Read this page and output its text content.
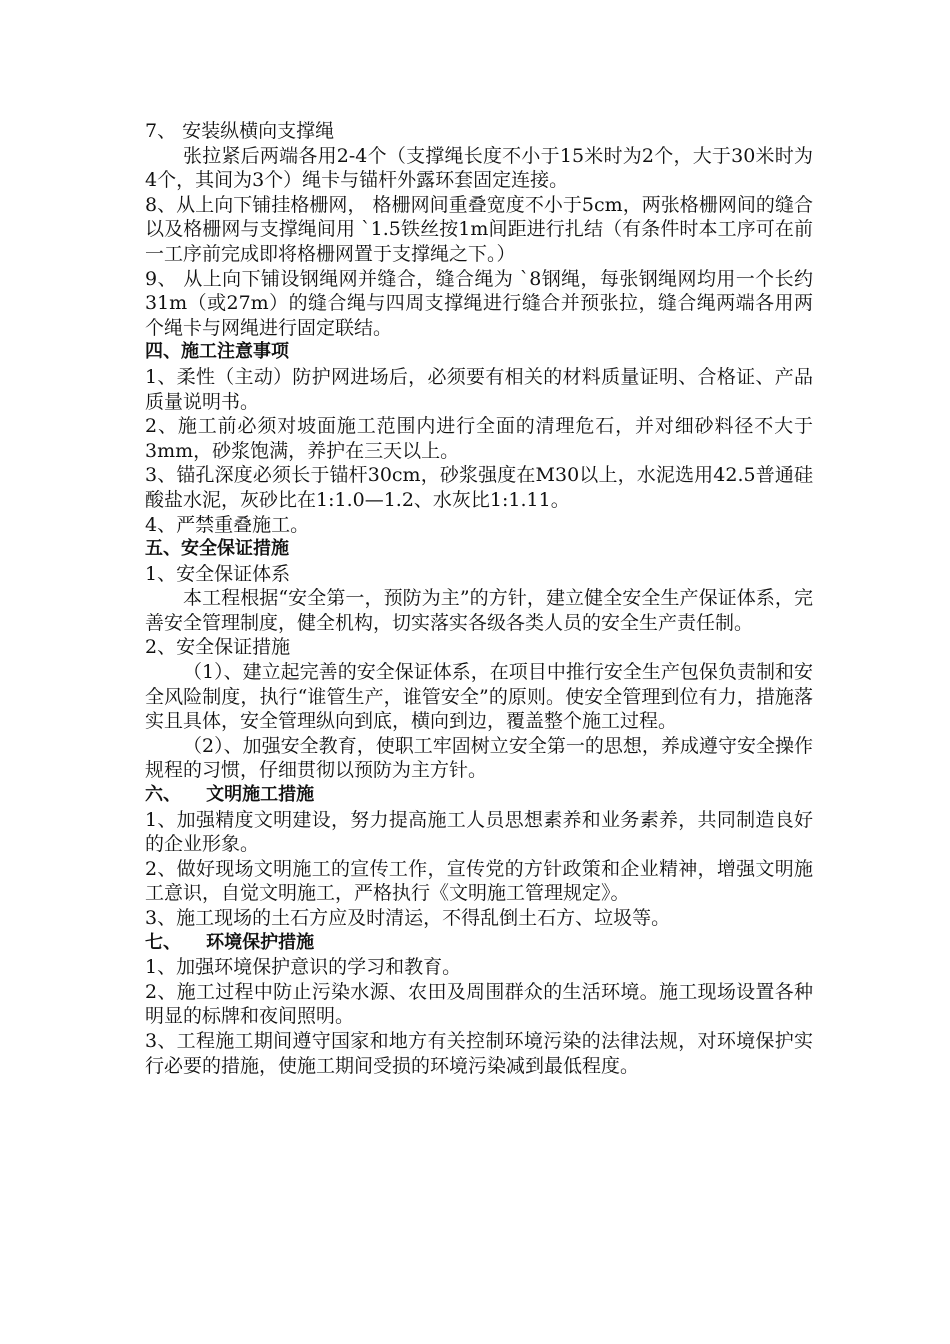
7、 安装纵横向支撑绳

张拉紧后两端各用2-4个（支撑绳长度不小于15米时为2个，大于30米时为4个，其间为3个）绳卡与锚杆外露环套固定连接。

8、从上向下铺挂格栅网， 格栅网间重叠宽度不小于5cm，两张格栅网间的缝合以及格栅网与支撑绳间用 `1.5铁丝按1m间距进行扎结（有条件时本工序可在前一工序前完成即将格栅网置于支撑绳之下。）

9、 从上向下铺设钢绳网并缝合，缝合绳为 `8钢绳，每张钢绳网均用一个长约31m（或27m）的缝合绳与四周支撑绳进行缝合并预张拉，缝合绳两端各用两个绳卡与网绳进行固定联结。

四、施工注意事项

1、柔性（主动）防护网进场后，必须要有相关的材料质量证明、合格证、产品质量说明书。

2、施工前必须对坡面施工范围内进行全面的清理危石，并对细砂料径不大于3mm，砂浆饱满，养护在三天以上。

3、锚孔深度必须长于锚杆30cm，砂浆强度在M30以上，水泥选用42.5普通硅酸盐水泥，灰砂比在1:1.0—1.2、水灰比1:1.11。

4、严禁重叠施工。

五、安全保证措施

1、安全保证体系

本工程根据“安全第一，预防为主”的方针，建立健全安全生产保证体系，完善安全管理制度，健全机构，切实落实各级各类人员的安全生产责任制。

2、安全保证措施

（1）、建立起完善的安全保证体系，在项目中推行安全生产包保负责制和安全风险制度，执行“谁管生产，谁管安全”的原则。使安全管理到位有力，措施落实且具体，安全管理纵向到底，横向到边，覆盖整个施工过程。

（2）、加强安全教育，使职工牢固树立安全第一的思想，养成遵守安全操作规程的习惯，仔细贯彻以预防为主方针。

六、    文明施工措施

1、加强精度文明建设，努力提高施工人员思想素养和业务素养，共同制造良好的企业形象。

2、做好现场文明施工的宣传工作，宣传党的方针政策和企业精神，增强文明施工意识，自觉文明施工，严格执行《文明施工管理规定》。

3、施工现场的土石方应及时清运，不得乱倒土石方、垃圾等。

七、    环境保护措施

1、加强环境保护意识的学习和教育。

2、施工过程中防止污染水源、农田及周围群众的生活环境。施工现场设置各种明显的标牌和夜间照明。

3、工程施工期间遵守国家和地方有关控制环境污染的法律法规，对环境保护实行必要的措施，使施工期间受损的环境污染减到最低程度。
